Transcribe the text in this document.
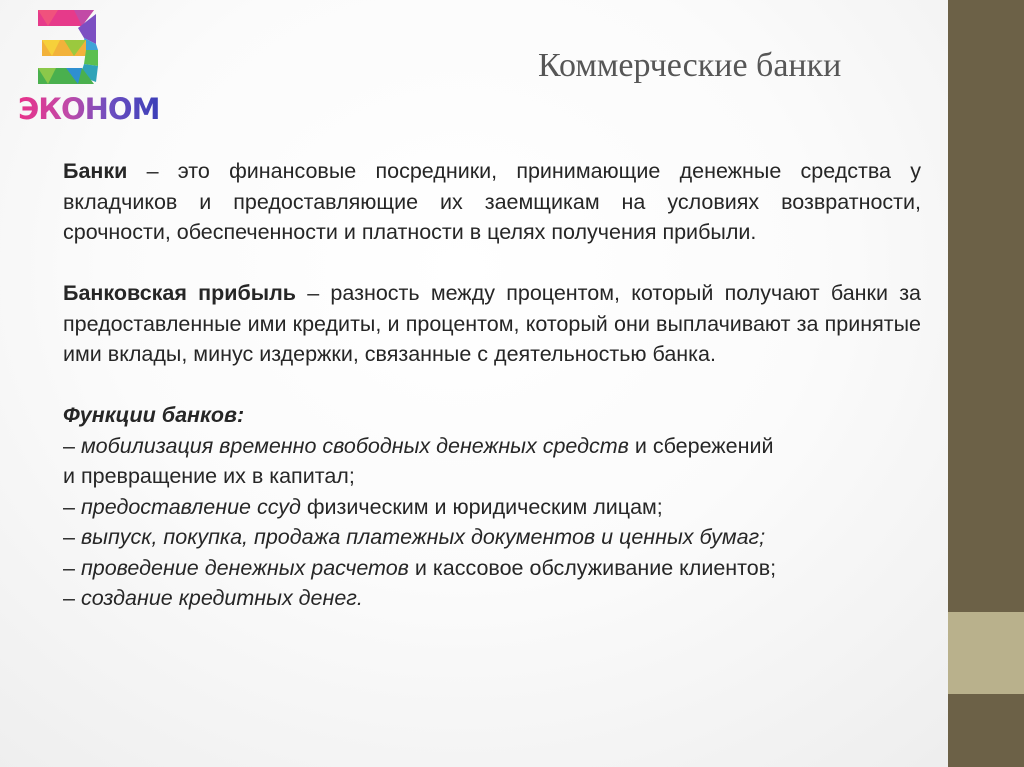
ЭКОНОМ
Коммерческие банки

Банки – это финансовые посредники, принимающие денежные средства у вкладчиков и предоставляющие их заемщикам на условиях возвратности, срочности, обеспеченности и платности в целях получения прибыли.

Банковская прибыль – разность между процентом, который получают банки за предоставленные ими кредиты, и процентом, который они выплачивают за принятые ими вклады, минус издержки, связанные с деятельностью банка.

Функции банков:
– мобилизация временно свободных денежных средств и сбережений
и превращение их в капитал;
– предоставление ссуд физическим и юридическим лицам;
– выпуск, покупка, продажа платежных документов и ценных бумаг;
– проведение денежных расчетов и кассовое обслуживание клиентов;
– создание кредитных денег.
